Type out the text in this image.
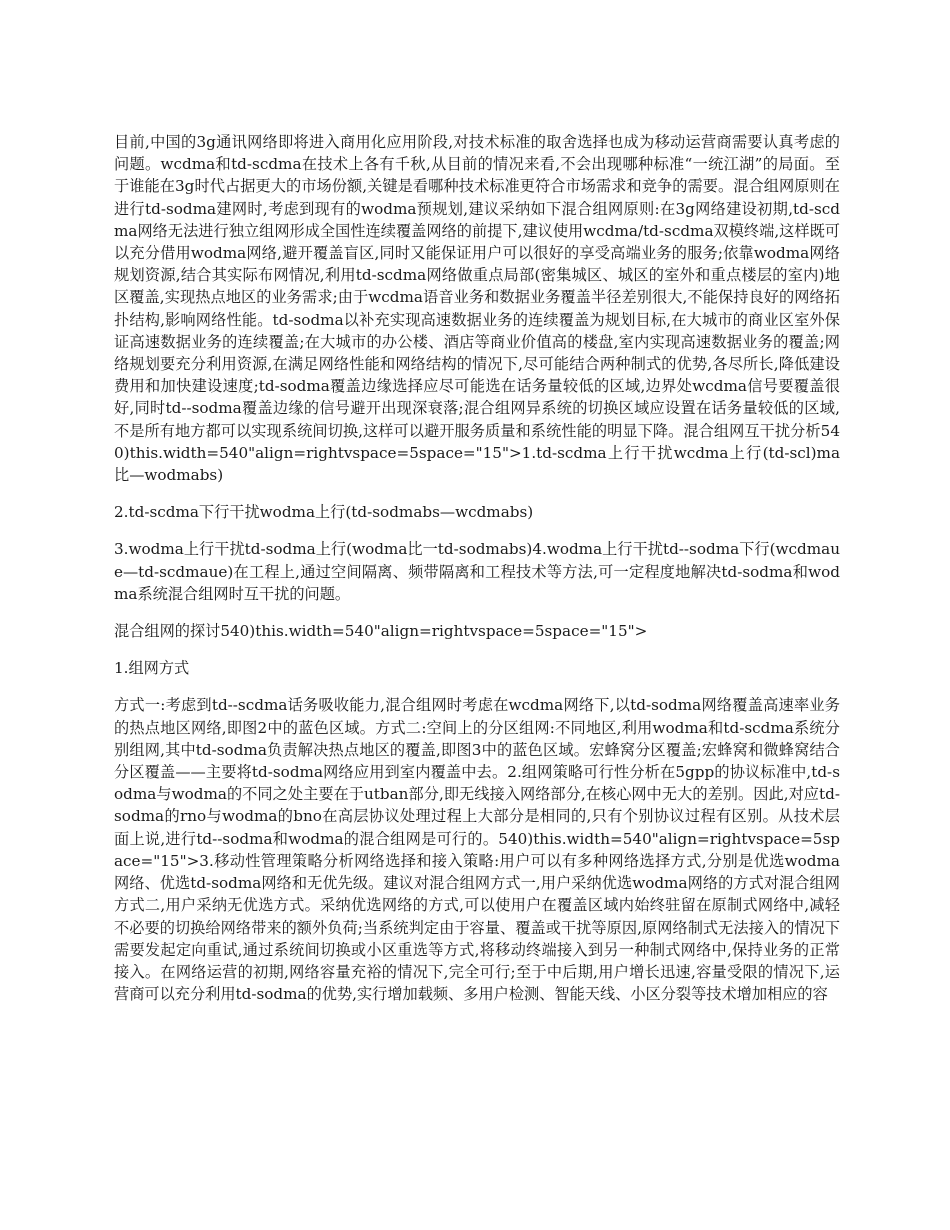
目前,中国的3g通讯网络即将进入商用化应用阶段,对技术标准的取舍选择也成为移动运营商需要认真考虑的问题。wcdma和td-scdma在技术上各有千秋,从目前的情况来看,不会出现哪种标准“一统江湖”的局面。至于谁能在3g时代占据更大的市场份额,关键是看哪种技术标准更符合市场需求和竞争的需要。混合组网原则在进行td-sodma建网时,考虑到现有的wodma预规划,建议采纳如下混合组网原则:在3g网络建设初期,td-scdma网络无法进行独立组网形成全国性连续覆盖网络的前提下,建议使用wcdma/td-scdma双模终端,这样既可以充分借用wodma网络,避开覆盖盲区,同时又能保证用户可以很好的享受高端业务的服务;依靠wodma网络规划资源,结合其实际布网情况,利用td-scdma网络做重点局部(密集城区、城区的室外和重点楼层的室内)地区覆盖,实现热点地区的业务需求;由于wcdma语音业务和数据业务覆盖半径差别很大,不能保持良好的网络拓扑结构,影响网络性能。td-sodma以补充实现高速数据业务的连续覆盖为规划目标,在大城市的商业区室外保证高速数据业务的连续覆盖;在大城市的办公楼、酒店等商业价值高的楼盘,室内实现高速数据业务的覆盖;网络规划要充分利用资源,在满足网络性能和网络结构的情况下,尽可能结合两种制式的优势,各尽所长,降低建设费用和加快建设速度;td-sodma覆盖边缘选择应尽可能选在话务量较低的区域,边界处wcdma信号要覆盖很好,同时td--sodma覆盖边缘的信号避开出现深衰落;混合组网异系统的切换区域应设置在话务量较低的区域,不是所有地方都可以实现系统间切换,这样可以避开服务质量和系统性能的明显下降。混合组网互干扰分析540)this.width=540"align=rightvspace=5space="15">1.td-scdma上行干扰wcdma上行(td-scl)ma比—wodmabs)

2.td-scdma下行干扰wodma上行(td-sodmabs—wcdmabs)

3.wodma上行干扰td-sodma上行(wodma比一td-sodmabs)4.wodma上行干扰td--sodma下行(wcdmaue—td-scdmaue)在工程上,通过空间隔离、频带隔离和工程技术等方法,可一定程度地解决td-sodma和wodma系统混合组网时互干扰的问题。

混合组网的探讨540)this.width=540"align=rightvspace=5space="15">

1.组网方式

方式一:考虑到td--scdma话务吸收能力,混合组网时考虑在wcdma网络下,以td-sodma网络覆盖高速率业务的热点地区网络,即图2中的蓝色区域。方式二:空间上的分区组网:不同地区,利用wodma和td-scdma系统分别组网,其中td-sodma负责解决热点地区的覆盖,即图3中的蓝色区域。宏蜂窝分区覆盖;宏蜂窝和微蜂窝结合分区覆盖——主要将td-sodma网络应用到室内覆盖中去。2.组网策略可行性分析在5gpp的协议标准中,td-sodma与wodma的不同之处主要在于utban部分,即无线接入网络部分,在核心网中无大的差别。因此,对应td-sodma的rno与wodma的bno在高层协议处理过程上大部分是相同的,只有个别协议过程有区别。从技术层面上说,进行td--sodma和wodma的混合组网是可行的。540)this.width=540"align=rightvspace=5space="15">3.移动性管理策略分析网络选择和接入策略:用户可以有多种网络选择方式,分别是优选wodma网络、优选td-sodma网络和无优先级。建议对混合组网方式一,用户采纳优选wodma网络的方式对混合组网方式二,用户采纳无优选方式。采纳优选网络的方式,可以使用户在覆盖区域内始终驻留在原制式网络中,减轻不必要的切换给网络带来的额外负荷;当系统判定由于容量、覆盖或干扰等原因,原网络制式无法接入的情况下需要发起定向重试,通过系统间切换或小区重选等方式,将移动终端接入到另一种制式网络中,保持业务的正常接入。在网络运营的初期,网络容量充裕的情况下,完全可行;至于中后期,用户增长迅速,容量受限的情况下,运营商可以充分利用td-sodma的优势,实行增加载频、多用户检测、智能天线、小区分裂等技术增加相应的容
